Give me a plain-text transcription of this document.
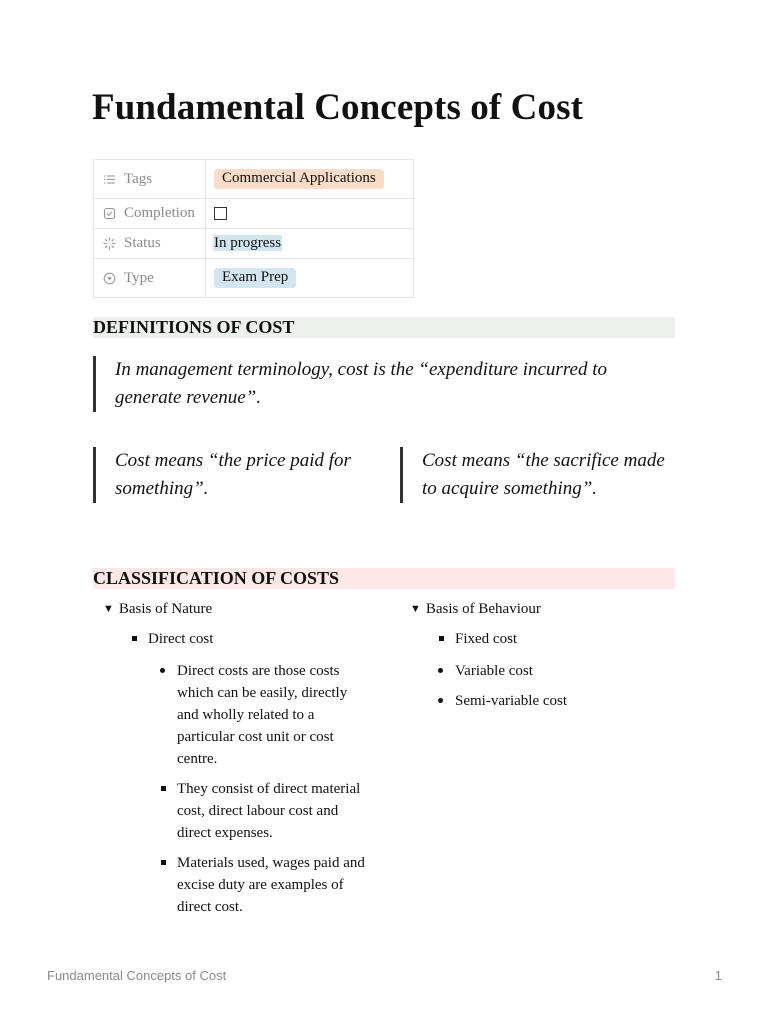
Fundamental Concepts of Cost
Tags	Commercial Applications

Completion	

Status	In progress

Type	Exam Prep
DEFINITIONS OF COST

In management terminology, cost is the “expenditure incurred to generate revenue”.

Cost means “the price paid for something”.

Cost means “the sacrifice made to acquire something”.

CLASSIFICATION OF COSTS
▼ Basis of Nature
Direct cost
Direct costs are those costs which can be easily, directly and wholly related to a particular cost unit or cost centre.
They consist of direct material cost, direct labour cost and direct expenses.
Materials used, wages paid and excise duty are examples of direct cost.
▼ Basis of Behaviour
Fixed cost
Variable cost
Semi-variable cost
Fundamental Concepts of Cost	1
